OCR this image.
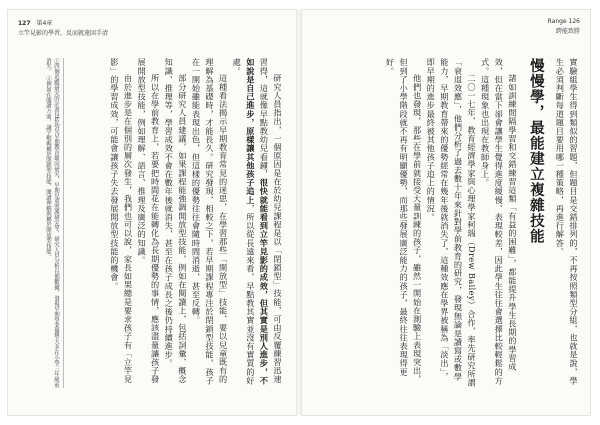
127 第4章
立竿見影的學習，反而就遠回手清

研究人員指出，一個原因是在於幼兒課程是以「閉鎖型」技能，可由反覆練習迅速習得，這就像早點教幼兒看鐘，很快就能看到立竿見影的成效，但其實是別人進步，不如說是自己進步，原樣讓其他孩子追上，所以從長遠來看，早點教其實並沒有實質的好處。

這種看法揭示早期教育常見的迷思，在學習那些「開放型」技能，要以兒童既有的理解為基礎時，才能長久。研究發現，相較之下，若早期課程專注於閉鎖型技能，孩子在一開始雖能表現出色，但這樣的優勢往往會隨時間消逝，甚至反轉。

部分研究人員建議，如果課程能強調開放型技能，例如在閱讀上，包括詞彙、概念知識、推理等，學習成效不會在數年後就消失，甚至在孩子成長之後仍持續進步。

所以在學前教育上，若要把時間花在能轉化為長期優勢的事情，應該盡量讓孩子發展開放型技能，例如理解、語言、推理及廣泛的知識。

由於進步是在個別的層次發生，我們也可以說，家長如果總是要求孩子有「立竿見影」的學習成效，可能會讓孩子失去發展開放型技能的機會。

①四個追蹤研究的計畫包括幼兒早期教育縱向研究、早期兒童照護研究等，研究人員分析長期數據，發現早期學業優勢大多在小學三年級前消失。 ②例如在閱讀方面，識字解碼屬於閉鎖型技能，閱讀理解則屬於開放型技能。

Range 126
跨能致勝

實驗組學生得到類似的習題，但題目是交錯排列的，不再按照類型分組，也就是說，學生必須判斷每道題目要用哪一種策略，再進行解答。

慢慢學，最能建立複雜技能

諸如訓練間隔學習和交錯練習這類「有益的困難」，都能提升學生長期的學習成效，但在當下卻會讓學生覺得進度緩慢、表現較差，因此學生往往會選擇比較輕鬆的方式。這種現象也出現在教師身上。

二〇一七年，教育經濟學家與心理學家柯瑞（Drew Bailey）合作，率先研究所謂「衰退效應」，他們分析了過去數十年來針對學前教育的研究，發現無論是讀寫或數學能力，早期教育帶來的優勢經常在幾年後就消失了，這種效應在學界被稱為「淡出」，即早期的進步最終被其他孩子追上的情況。

他們也發現，那些在學前就接受大量訓練的孩子，雖然一開始在測驗上表現突出，但到了小學階段就不再有明顯優勢，而那些發展廣泛能力的孩子，最終往往表現得更好。
